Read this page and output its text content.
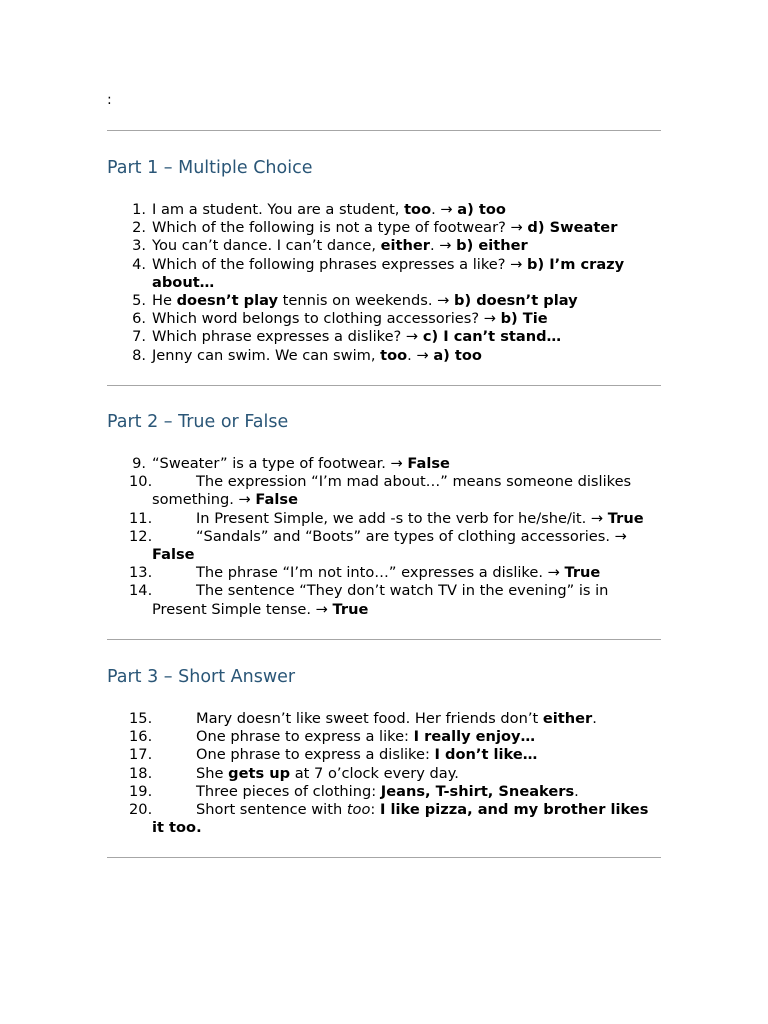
:
Part 1 – Multiple Choice
1. I am a student. You are a student, too. → a) too
2. Which of the following is not a type of footwear? → d) Sweater
3. You can’t dance. I can’t dance, either. → b) either
4. Which of the following phrases expresses a like? → b) I’m crazy about…
5. He doesn’t play tennis on weekends. → b) doesn’t play
6. Which word belongs to clothing accessories? → b) Tie
7. Which phrase expresses a dislike? → c) I can’t stand…
8. Jenny can swim. We can swim, too. → a) too
Part 2 – True or False
9. “Sweater” is a type of footwear. → False
10.	The expression “I’m mad about…” means someone dislikes something. → False
11.	In Present Simple, we add -s to the verb for he/she/it. → True
12.	“Sandals” and “Boots” are types of clothing accessories. → False
13.	The phrase “I’m not into…” expresses a dislike. → True
14.	The sentence “They don’t watch TV in the evening” is in Present Simple tense. → True
Part 3 – Short Answer
15.	Mary doesn’t like sweet food. Her friends don’t either.
16.	One phrase to express a like: I really enjoy…
17.	One phrase to express a dislike: I don’t like…
18.	She gets up at 7 o’clock every day.
19.	Three pieces of clothing: Jeans, T-shirt, Sneakers.
20.	Short sentence with too: I like pizza, and my brother likes it too.
